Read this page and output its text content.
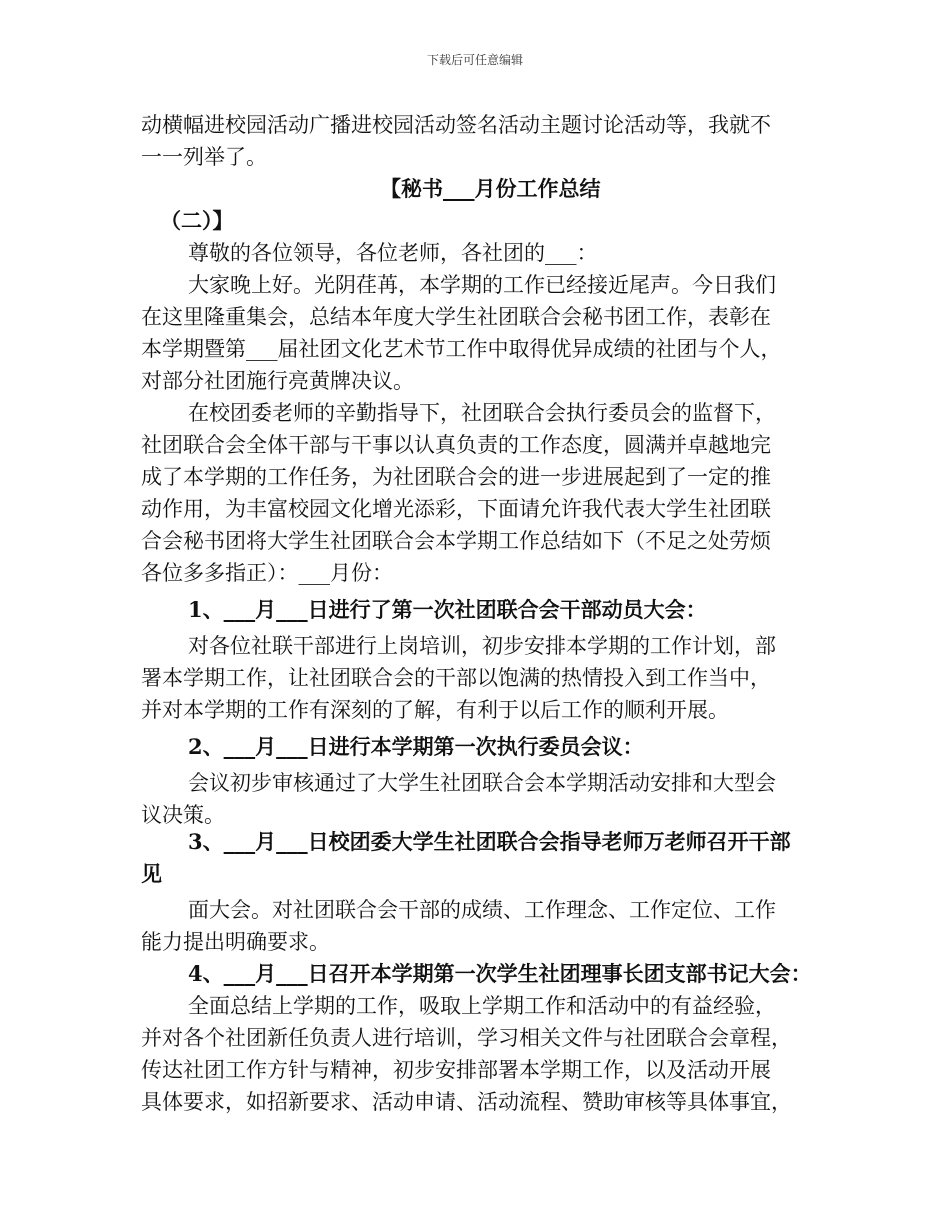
下载后可任意编辑
动横幅进校园活动广播进校园活动签名活动主题讨论活动等，我就不
一一列举了。
【秘书___月份工作总结
（二）】
尊敬的各位领导，各位老师，各社团的___：
大家晚上好。光阴荏苒，本学期的工作已经接近尾声。今日我们
在这里隆重集会，总结本年度大学生社团联合会秘书团工作，表彰在
本学期暨第___届社团文化艺术节工作中取得优异成绩的社团与个人，
对部分社团施行亮黄牌决议。
在校团委老师的辛勤指导下，社团联合会执行委员会的监督下，
社团联合会全体干部与干事以认真负责的工作态度，圆满并卓越地完
成了本学期的工作任务，为社团联合会的进一步进展起到了一定的推
动作用，为丰富校园文化增光添彩，下面请允许我代表大学生社团联
合会秘书团将大学生社团联合会本学期工作总结如下（不足之处劳烦
各位多多指正）：___月份：
1、___月___日进行了第一次社团联合会干部动员大会：
对各位社联干部进行上岗培训，初步安排本学期的工作计划，部
署本学期工作，让社团联合会的干部以饱满的热情投入到工作当中，
并对本学期的工作有深刻的了解，有利于以后工作的顺利开展。
2、___月___日进行本学期第一次执行委员会议：
会议初步审核通过了大学生社团联合会本学期活动安排和大型会
议决策。
3、___月___日校团委大学生社团联合会指导老师万老师召开干部
见
面大会。对社团联合会干部的成绩、工作理念、工作定位、工作
能力提出明确要求。
4、___月___日召开本学期第一次学生社团理事长团支部书记大会：
全面总结上学期的工作，吸取上学期工作和活动中的有益经验，
并对各个社团新任负责人进行培训，学习相关文件与社团联合会章程，
传达社团工作方针与精神，初步安排部署本学期工作，以及活动开展
具体要求，如招新要求、活动申请、活动流程、赞助审核等具体事宜，
